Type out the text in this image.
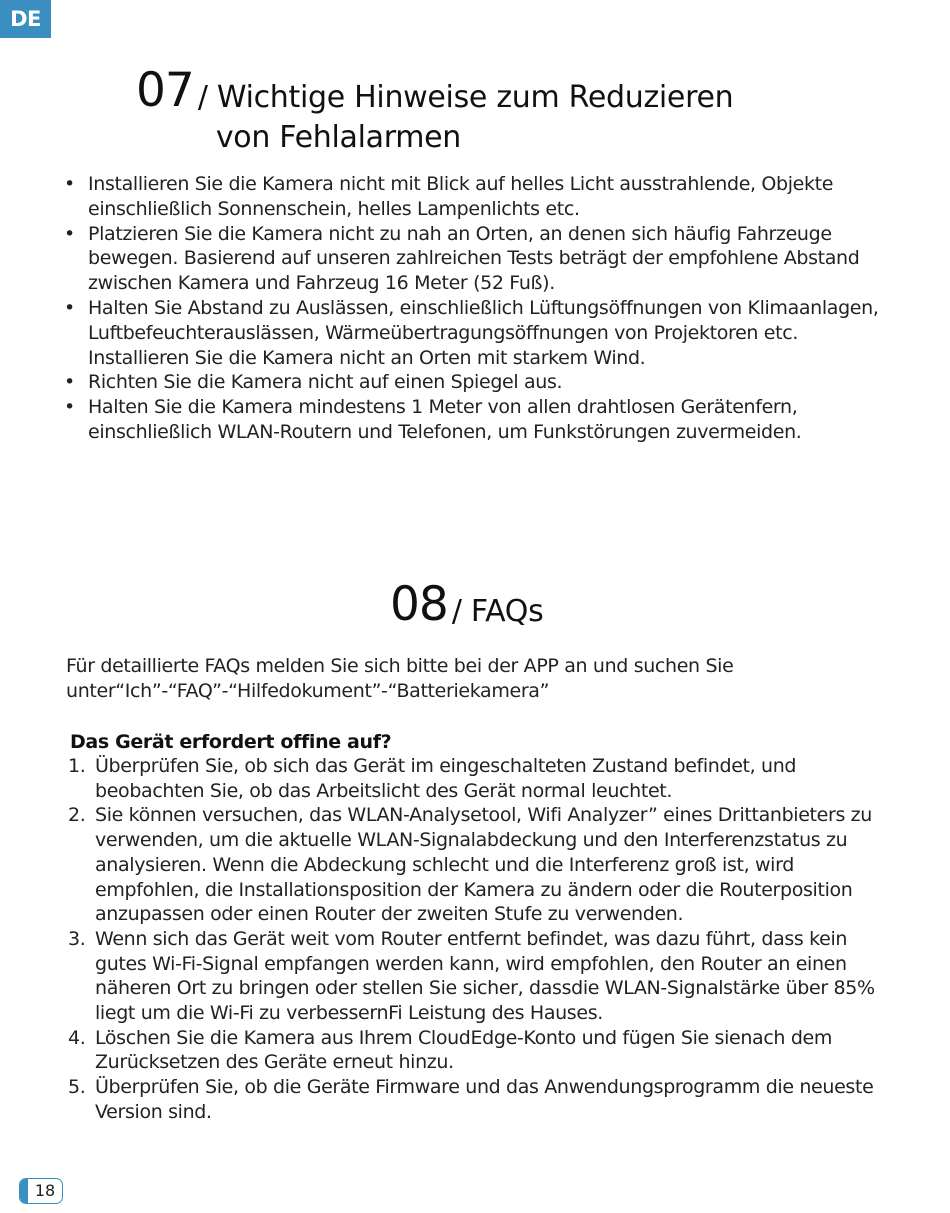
DE
07 / Wichtige Hinweise zum Reduzieren
von Fehlalarmen
• Installieren Sie die Kamera nicht mit Blick auf helles Licht ausstrahlende, Objekte einschließlich Sonnenschein, helles Lampenlichts etc.
• Platzieren Sie die Kamera nicht zu nah an Orten, an denen sich häufig Fahrzeuge bewegen. Basierend auf unseren zahlreichen Tests beträgt der empfohlene Abstand zwischen Kamera und Fahrzeug 16 Meter (52 Fuß).
• Halten Sie Abstand zu Auslässen, einschließlich Lüftungsöffnungen von Klimaanlagen, Luftbefeuchterauslässen, Wärmeübertragungsöffnungen von Projektoren etc. Installieren Sie die Kamera nicht an Orten mit starkem Wind.
• Richten Sie die Kamera nicht auf einen Spiegel aus.
• Halten Sie die Kamera mindestens 1 Meter von allen drahtlosen Gerätenfern, einschließlich WLAN-Routern und Telefonen, um Funkstörungen zuvermeiden.
08 / FAQs

Für detaillierte FAQs melden Sie sich bitte bei der APP an und suchen Sie unter“Ich”-“FAQ”-“Hilfedokument”-“Batteriekamera”

Das Gerät erfordert offine auf?

1. Überprüfen Sie, ob sich das Gerät im eingeschalteten Zustand befindet, und beobachten Sie, ob das Arbeitslicht des Gerät normal leuchtet.
2. Sie können versuchen, das WLAN-Analysetool, Wifi Analyzer” eines Drittanbieters zu verwenden, um die aktuelle WLAN-Signalabdeckung und den Interferenzstatus zu analysieren. Wenn die Abdeckung schlecht und die Interferenz groß ist, wird empfohlen, die Installationsposition der Kamera zu ändern oder die Routerposition anzupassen oder einen Router der zweiten Stufe zu verwenden.
3. Wenn sich das Gerät weit vom Router entfernt befindet, was dazu führt, dass kein gutes Wi-Fi-Signal empfangen werden kann, wird empfohlen, den Router an einen näheren Ort zu bringen oder stellen Sie sicher, dassdie WLAN-Signalstärke über 85% liegt um die Wi-Fi zu verbessernFi Leistung des Hauses.
4. Löschen Sie die Kamera aus Ihrem CloudEdge-Konto und fügen Sie sienach dem Zurücksetzen des Geräte erneut hinzu.
5. Überprüfen Sie, ob die Geräte Firmware und das Anwendungsprogramm die neueste Version sind.
18
